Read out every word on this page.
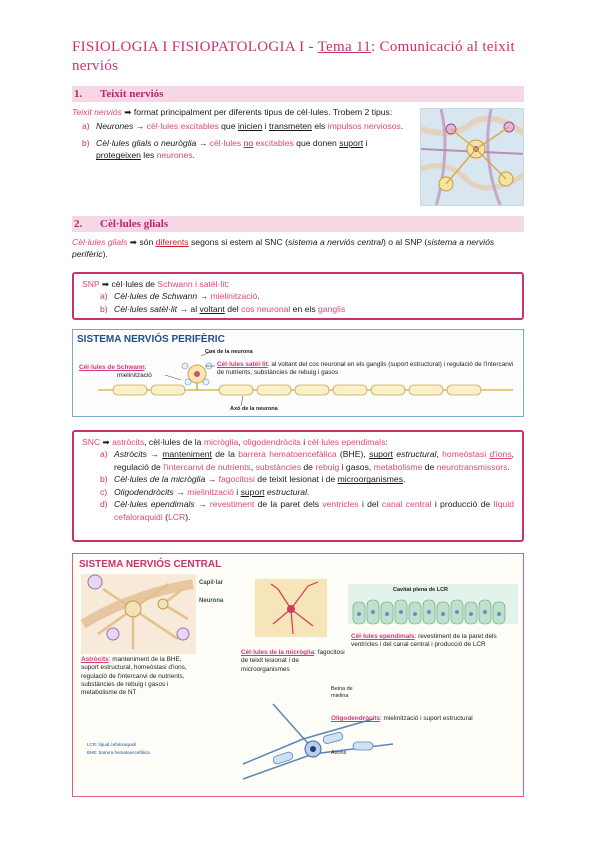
FISIOLOGIA I FISIOPATOLOGIA I - Tema 11: Comunicació al teixit nerviós
1. Teixit nerviós
Teixit nerviós ➡ format principalment per diferents tipus de cèl·lules. Trobem 2 tipus:
a) Neurones → cèl·lules excitables que inicien i transmeten els impulsos nerviosos.
b) Cèl·lules glials o neuròglia → cèl·lules no excitables que donen suport i protegeixen les neurones.
2. Cèl·lules glials
Cèl·lules glials ➡ són diferents segons si estem al SNC (sistema a nerviós central) o al SNP (sistema a nerviós perifèric).
SNP ➡ cèl·lules de Schwann i satèl·lit:
a) Cèl·lules de Schwann → mielinització.
b) Cèl·lules satèl·lit → al voltant del cos neuronal en els ganglis
SISTEMA NERVIÓS PERIFÈRIC
Cos de la neurona
Cèl·lules de Schwann:
mielinització
Cèl·lules satèl·lit: al voltant del cos neuronal en els ganglis (suport estructural) i regulació de l'intercanvi de nutrients, substàncies de rebuig i gasos
Axó de la neurona
SNC ➡ astròcits, cèl·lules de la micròglia, oligodendròcits i cèl·lules ependimals:
a) Astròcits → manteniment de la barrera hematoencefàlica (BHE), suport estructural, homeòstasi d'ions, regulació de l'intercanvi de nutrients, substàncies de rebuig i gasos, metabolisme de neurotransmissors.
b) Cèl·lules de la micròglia → fagocitosi de teixit lesionat i de microorganismes.
c) Oligodendròcits → mielinització i suport estructural.
d) Cèl·lules ependimals → revestiment de la paret dels ventricles i del canal central i producció de líquid cefaloraquidi (LCR).
SISTEMA NERVIÓS CENTRAL
Capil·lar
Neurona
Cavitat plena de LCR
Astròcits: manteniment de la BHE, suport estructural, homeòstasi d'ions, regulació de l'intercanvi de nutrients, substàncies de rebuig i gasos i metabolisme de NT
Cèl·lules de la micròglia: fagocitosi de teixit lesionat i de microorganismes
Cèl·lules ependimals: revestiment de la paret dels ventricles i del canal central i producció de LCR
Beina de mielina
Oligodendròcits: mielinització i suport estructural
Axons
LCR: líquid cefaloraquidi
BHE: barrera hematoencefàlica
